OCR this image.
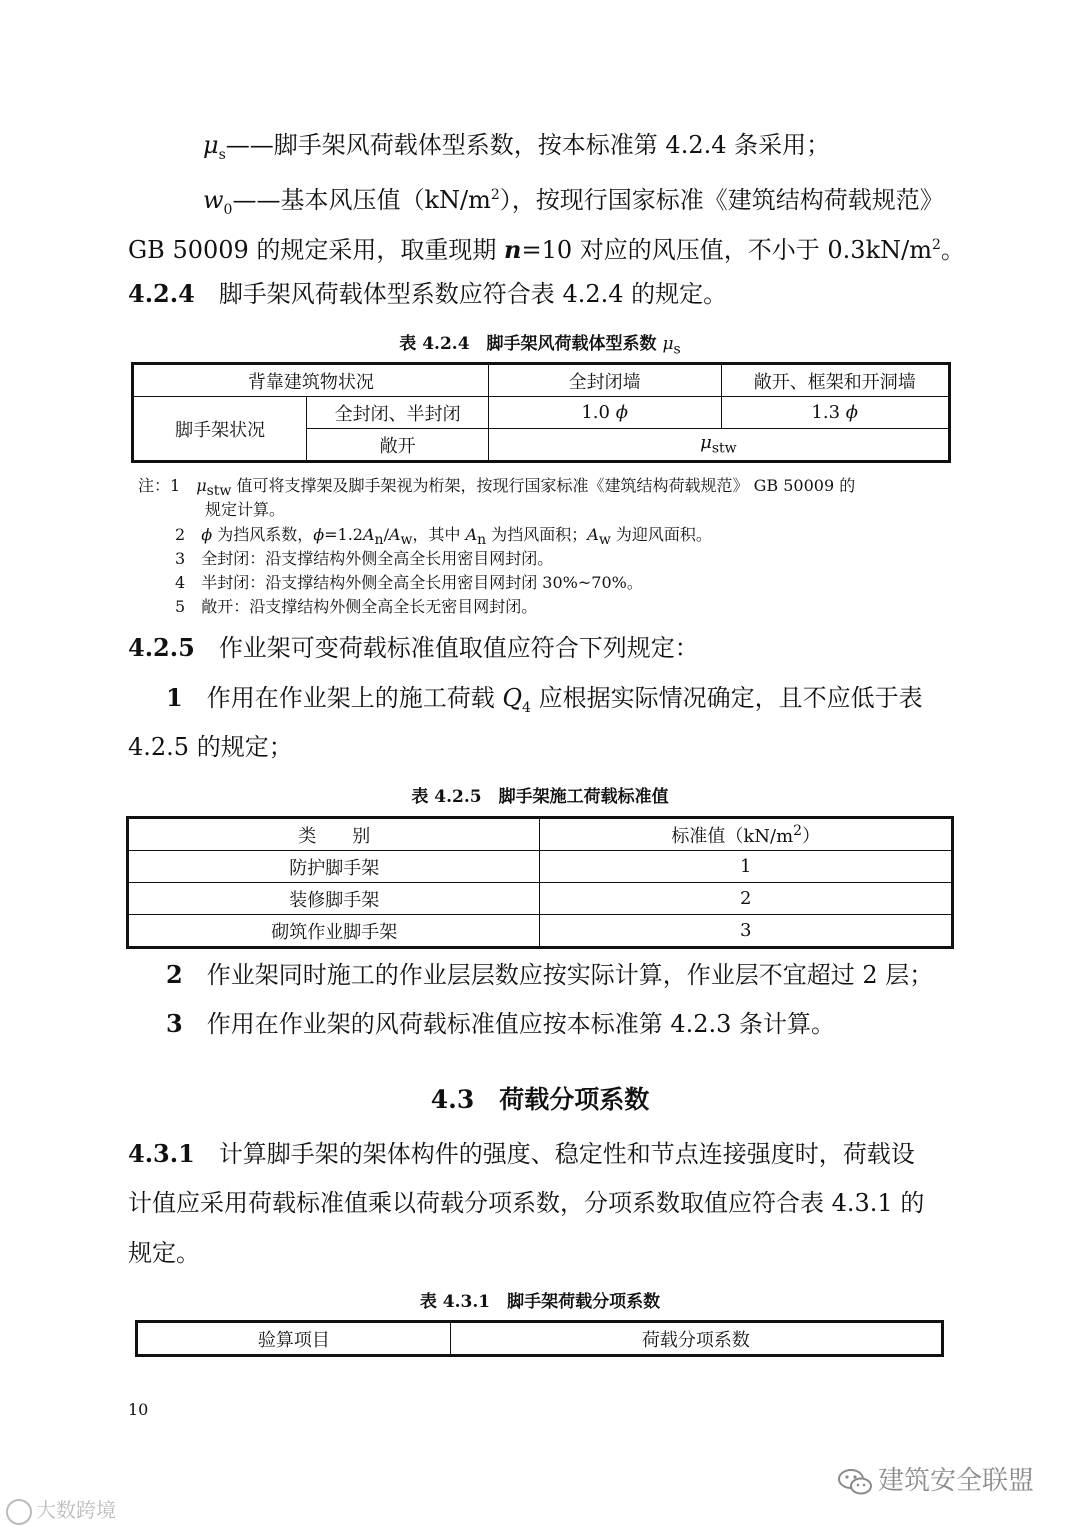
$\mu_s——$脚手架风荷载体型系数，按本标准第 4.2.4 条采用；
$w_0——$基本风压值$(kN/m^2)$，按现行国家标准《建筑结构荷载规范》
GB 50009 的规定采用，取重现期 n=10 对应的风压值，不小于 $0.3kN/m^2$。
4.2.4　 脚手架风荷载体型系数应符合表 4.2.4 的规定。
表 4.2.4　脚手架风荷载体型系数 $\mu_s$
背靠建筑物状况		全封闭墙	敞开、框架和开洞墙
脚手架状况	全封闭、半封闭	1.0 ϕ	1.3 ϕ
	敞开	$\mu_{stw}$
注：1　 $\mu_{stw}$ 值可将支撑架及脚手架视为桁架，按现行国家标准《建筑结构荷载规范》 GB 50009 的
规定计算。
2　 ϕ 为挡风系数，$\phi=1.2A_n/A_w$，其中 $A_n$ 为挡风面积；$A_w$ 为迎风面积。
3　 全封闭：沿支撑结构外侧全高全长用密目网封闭。
4　 半封闭：沿支撑结构外侧全高全长用密目网封闭 30%~70%。
5　 敞开：沿支撑结构外侧全高全长无密目网封闭。
4.2.5　 作业架可变荷载标准值取值应符合下列规定：
1　 作用在作业架上的施工荷载 $Q_4$ 应根据实际情况确定，且不应低于表
4.2.5 的规定；
表 4.2.5　脚手架施工荷载标准值
类　　别	标准值$(kN/m^2)$
防护脚手架	1
装修脚手架	2
砌筑作业脚手架	3
2　 作业架同时施工的作业层层数应按实际计算，作业层不宜超过 2 层；
3　 作用在作业架的风荷载标准值应按本标准第 4.2.3 条计算。
4.3　荷载分项系数
4.3.1　 计算脚手架的架体构件的强度、稳定性和节点连接强度时，荷载设
计值应采用荷载标准值乘以荷载分项系数，分项系数取值应符合表 4.3.1 的
规定。
表 4.3.1　脚手架荷载分项系数
验算项目	荷载分项系数
10
大数跨境
建筑安全联盟
